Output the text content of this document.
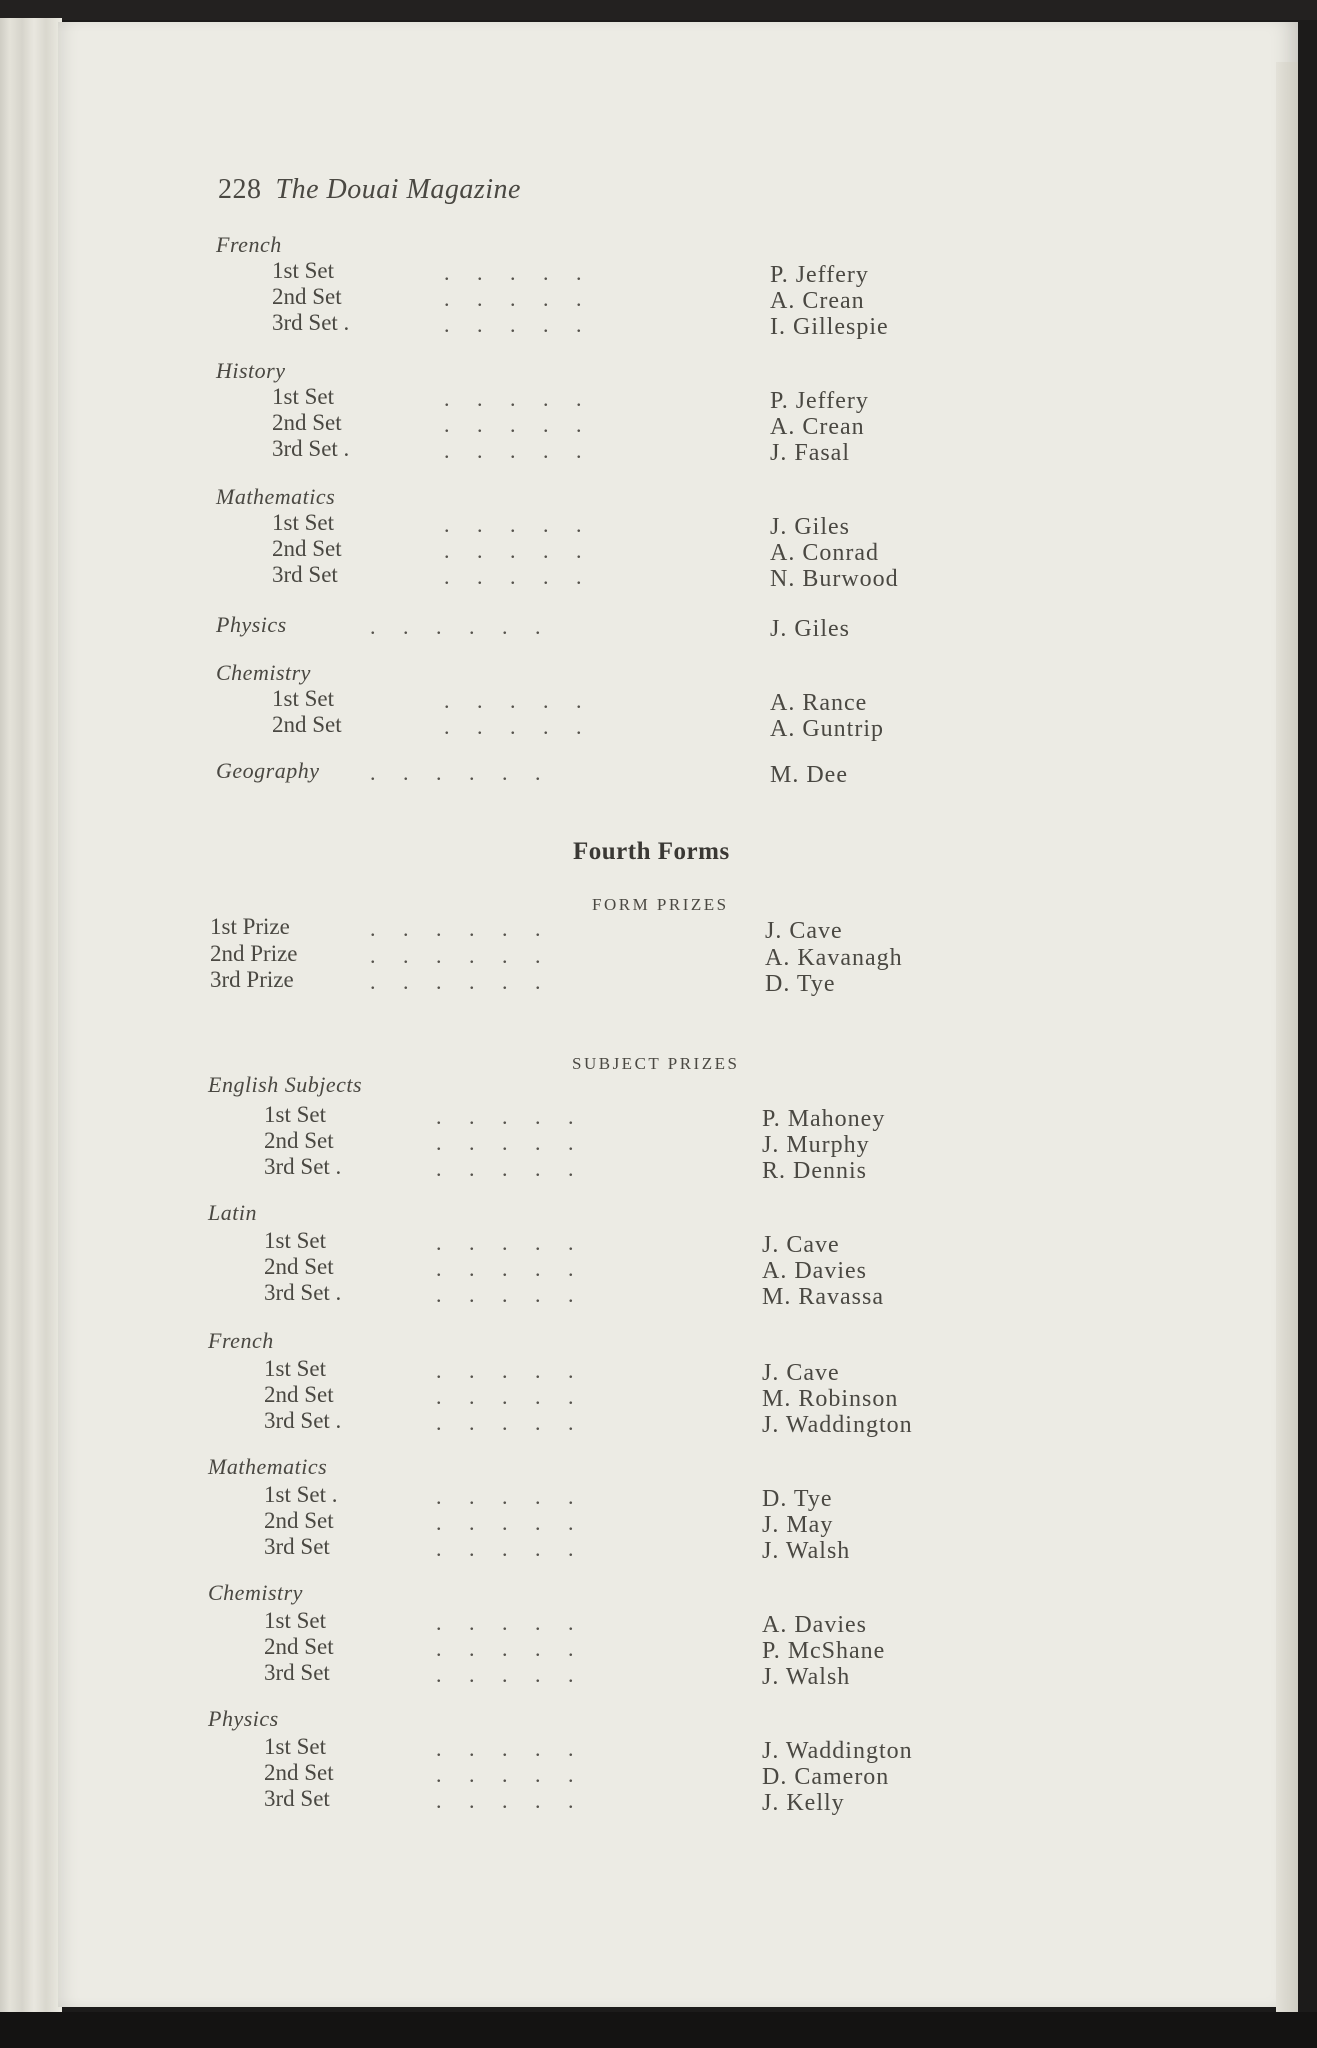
228 The Douai Magazine
French
1st Set	.     .     .     .     .	P. Jeffery
2nd Set	.     .     .     .     .	A. Crean
3rd Set .	.     .     .     .     .	I. Gillespie
History
1st Set	.     .     .     .     .	P. Jeffery
2nd Set	.     .     .     .     .	A. Crean
3rd Set .	.     .     .     .     .	J. Fasal
Mathematics
1st Set	.     .     .     .     .	J. Giles
2nd Set	.     .     .     .     .	A. Conrad
3rd Set	.     .     .     .     .	N. Burwood
Physics	.     .     .     .     .     .	J. Giles
Chemistry
1st Set	.     .     .     .     .	A. Rance
2nd Set	.     .     .     .     .	A. Guntrip
Geography .     .     .     .     .     .	M. Dee
Fourth Forms
FORM PRIZES
1st Prize	.     .     .     .     .     .	J. Cave
2nd Prize	.     .     .     .     .     .	A. Kavanagh
3rd Prize	.     .     .     .     .     .	D. Tye
SUBJECT PRIZES
English Subjects
1st Set	.     .     .     .     .	P. Mahoney
2nd Set	.     .     .     .     .	J. Murphy
3rd Set .	.     .     .     .     .	R. Dennis
Latin
1st Set	.     .     .     .     .	J. Cave
2nd Set	.     .     .     .     .	A. Davies
3rd Set .	.     .     .     .     .	M. Ravassa
French
1st Set	.     .     .     .     .	J. Cave
2nd Set	.     .     .     .     .	M. Robinson
3rd Set .	.     .     .     .     .	J. Waddington
Mathematics
1st Set .	.     .     .     .     .	D. Tye
2nd Set	.     .     .     .     .	J. May
3rd Set	.     .     .     .     .	J. Walsh
Chemistry
1st Set	.     .     .     .     .	A. Davies
2nd Set	.     .     .     .     .	P. McShane
3rd Set	.     .     .     .     .	J. Walsh
Physics
1st Set	.     .     .     .     .	J. Waddington
2nd Set	.     .     .     .     .	D. Cameron
3rd Set	.     .     .     .     .	J. Kelly
